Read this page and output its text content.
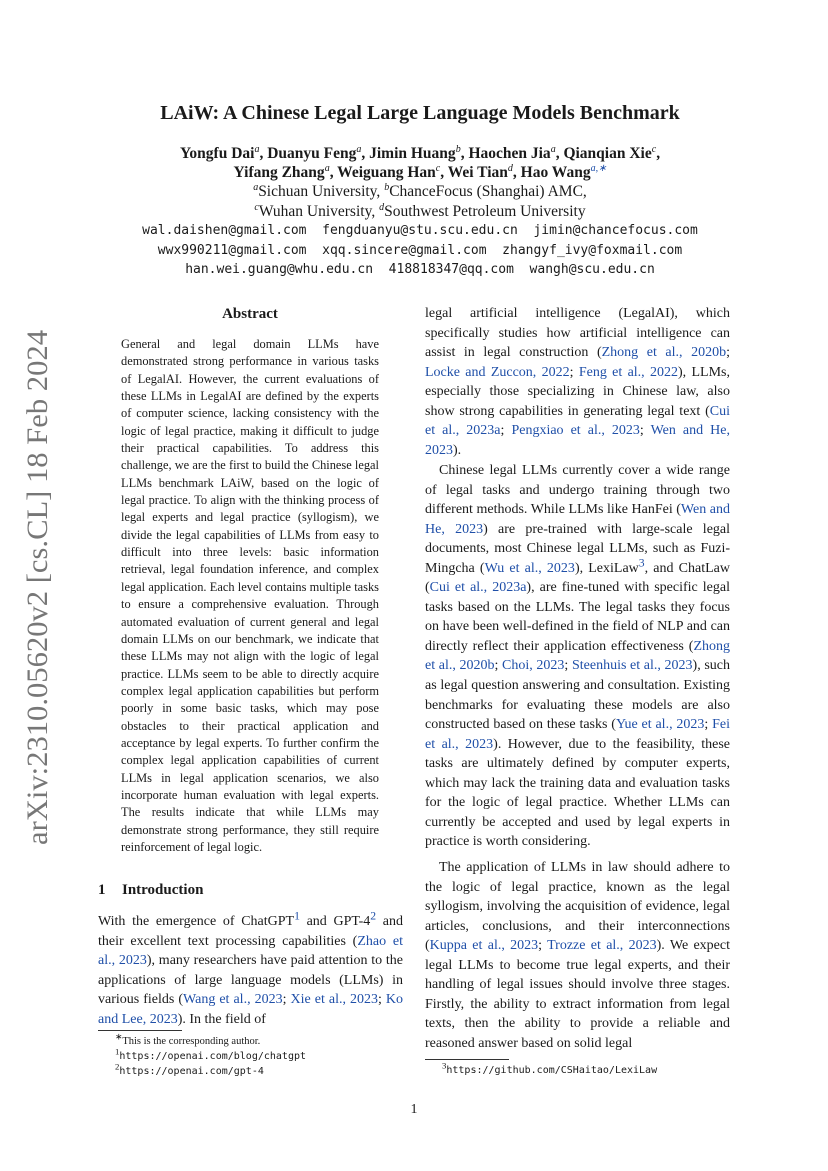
arXiv:2310.05620v2 [cs.CL] 18 Feb 2024
LAiW: A Chinese Legal Large Language Models Benchmark
Yongfu Dai$^a$, Duanyu Feng$^a$, Jimin Huang$^b$, Haochen Jia$^a$, Qianqian Xie$^c$,
Yifang Zhang$^a$, Weiguang Han$^c$, Wei Tian$^d$, Hao Wang$^{a,∗}$
$^a$Sichuan University, $^b$ChanceFocus (Shanghai) AMC,
$^c$Wuhan University, $^d$Southwest Petroleum University
wal.daishen@gmail.com  fengduanyu@stu.scu.edu.cn  jimin@chancefocus.com
wwx990211@gmail.com  xqq.sincere@gmail.com  zhangyf_ivy@foxmail.com
han.wei.guang@whu.edu.cn  418818347@qq.com  wangh@scu.edu.cn
Abstract

General and legal domain LLMs have demonstrated strong performance in various tasks of LegalAI. However, the current evaluations of these LLMs in LegalAI are defined by the experts of computer science, lacking consistency with the logic of legal practice, making it difficult to judge their practical capabilities. To address this challenge, we are the first to build the Chinese legal LLMs benchmark LAiW, based on the logic of legal practice. To align with the thinking process of legal experts and legal practice (syllogism), we divide the legal capabilities of LLMs from easy to difficult into three levels: basic information retrieval, legal foundation inference, and complex legal application. Each level contains multiple tasks to ensure a comprehensive evaluation. Through automated evaluation of current general and legal domain LLMs on our benchmark, we indicate that these LLMs may not align with the logic of legal practice. LLMs seem to be able to directly acquire complex legal application capabilities but perform poorly in some basic tasks, which may pose obstacles to their practical application and acceptance by legal experts. To further confirm the complex legal application capabilities of current LLMs in legal application scenarios, we also incorporate human evaluation with legal experts. The results indicate that while LLMs may demonstrate strong performance, they still require reinforcement of legal logic.

1 Introduction

With the emergence of ChatGPT$^1$ and GPT-4$^2$ and their excellent text processing capabilities (Zhao et al., 2023), many researchers have paid attention to the applications of large language models (LLMs) in various fields (Wang et al., 2023; Xie et al., 2023; Ko and Lee, 2023). In the field of

∗This is the corresponding author.

$^1$https://openai.com/blog/chatgpt

$^2$https://openai.com/gpt-4

legal artificial intelligence (LegalAI), which specifically studies how artificial intelligence can assist in legal construction (Zhong et al., 2020b; Locke and Zuccon, 2022; Feng et al., 2022), LLMs, especially those specializing in Chinese law, also show strong capabilities in generating legal text (Cui et al., 2023a; Pengxiao et al., 2023; Wen and He, 2023).

Chinese legal LLMs currently cover a wide range of legal tasks and undergo training through two different methods. While LLMs like HanFei (Wen and He, 2023) are pre-trained with large-scale legal documents, most Chinese legal LLMs, such as Fuzi-Mingcha (Wu et al., 2023), LexiLaw$^3$, and ChatLaw (Cui et al., 2023a), are fine-tuned with specific legal tasks based on the LLMs. The legal tasks they focus on have been well-defined in the field of NLP and can directly reflect their application effectiveness (Zhong et al., 2020b; Choi, 2023; Steenhuis et al., 2023), such as legal question answering and consultation. Existing benchmarks for evaluating these models are also constructed based on these tasks (Yue et al., 2023; Fei et al., 2023). However, due to the feasibility, these tasks are ultimately defined by computer experts, which may lack the training data and evaluation tasks for the logic of legal practice. Whether LLMs can currently be accepted and used by legal experts in practice is worth considering.

The application of LLMs in law should adhere to the logic of legal practice, known as the legal syllogism, involving the acquisition of evidence, legal articles, conclusions, and their interconnections (Kuppa et al., 2023; Trozze et al., 2023). We expect legal LLMs to become true legal experts, and their handling of legal issues should involve three stages. Firstly, the ability to extract information from legal texts, then the ability to provide a reliable and reasoned answer based on solid legal

$^3$https://github.com/CSHaitao/LexiLaw

1
